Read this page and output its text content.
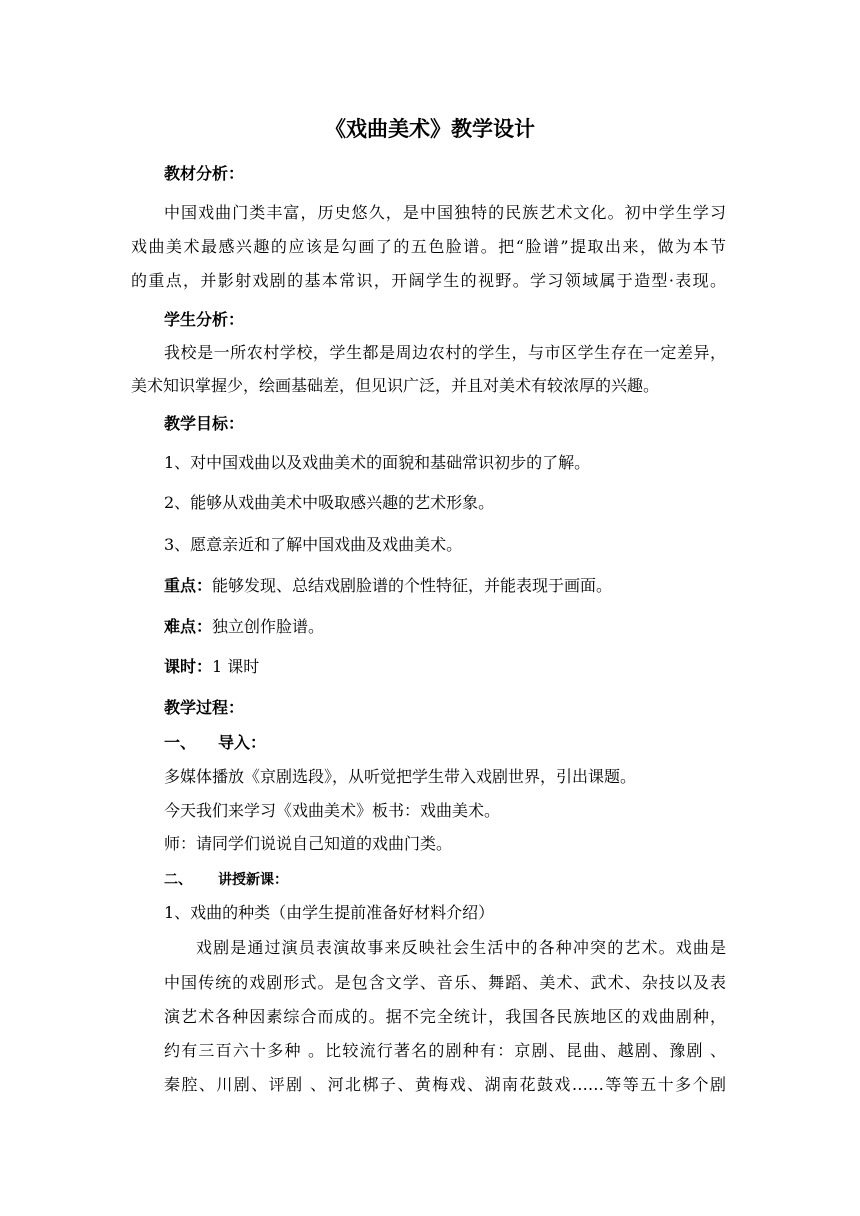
《戏曲美术》教学设计
教材分析：
中国戏曲门类丰富，历史悠久，是中国独特的民族艺术文化。初中学生学习
戏曲美术最感兴趣的应该是勾画了的五色脸谱。把“脸谱”提取出来，做为本节
的重点，并影射戏剧的基本常识，开阔学生的视野。学习领域属于造型·表现。
学生分析：
我校是一所农村学校，学生都是周边农村的学生，与市区学生存在一定差异，
美术知识掌握少，绘画基础差，但见识广泛，并且对美术有较浓厚的兴趣。
教学目标：
1、对中国戏曲以及戏曲美术的面貌和基础常识初步的了解。
2、能够从戏曲美术中吸取感兴趣的艺术形象。
3、愿意亲近和了解中国戏曲及戏曲美术。
重点：能够发现、总结戏剧脸谱的个性特征，并能表现于画面。
难点：独立创作脸谱。
课时：1 课时
教学过程：
一、 导入：
多媒体播放《京剧选段》，从听觉把学生带入戏剧世界，引出课题。
今天我们来学习《戏曲美术》板书：戏曲美术。
师：请同学们说说自己知道的戏曲门类。
二、 讲授新课：
1、戏曲的种类（由学生提前准备好材料介绍）
戏剧是通过演员表演故事来反映社会生活中的各种冲突的艺术。戏曲是
中国传统的戏剧形式。是包含文学、音乐、舞蹈、美术、武术、杂技以及表
演艺术各种因素综合而成的。据不完全统计，我国各民族地区的戏曲剧种，
约有三百六十多种 。比较流行著名的剧种有：京剧、昆曲、越剧、豫剧 、
秦腔、川剧、评剧 、河北梆子、黄梅戏、湖南花鼓戏……等等五十多个剧
